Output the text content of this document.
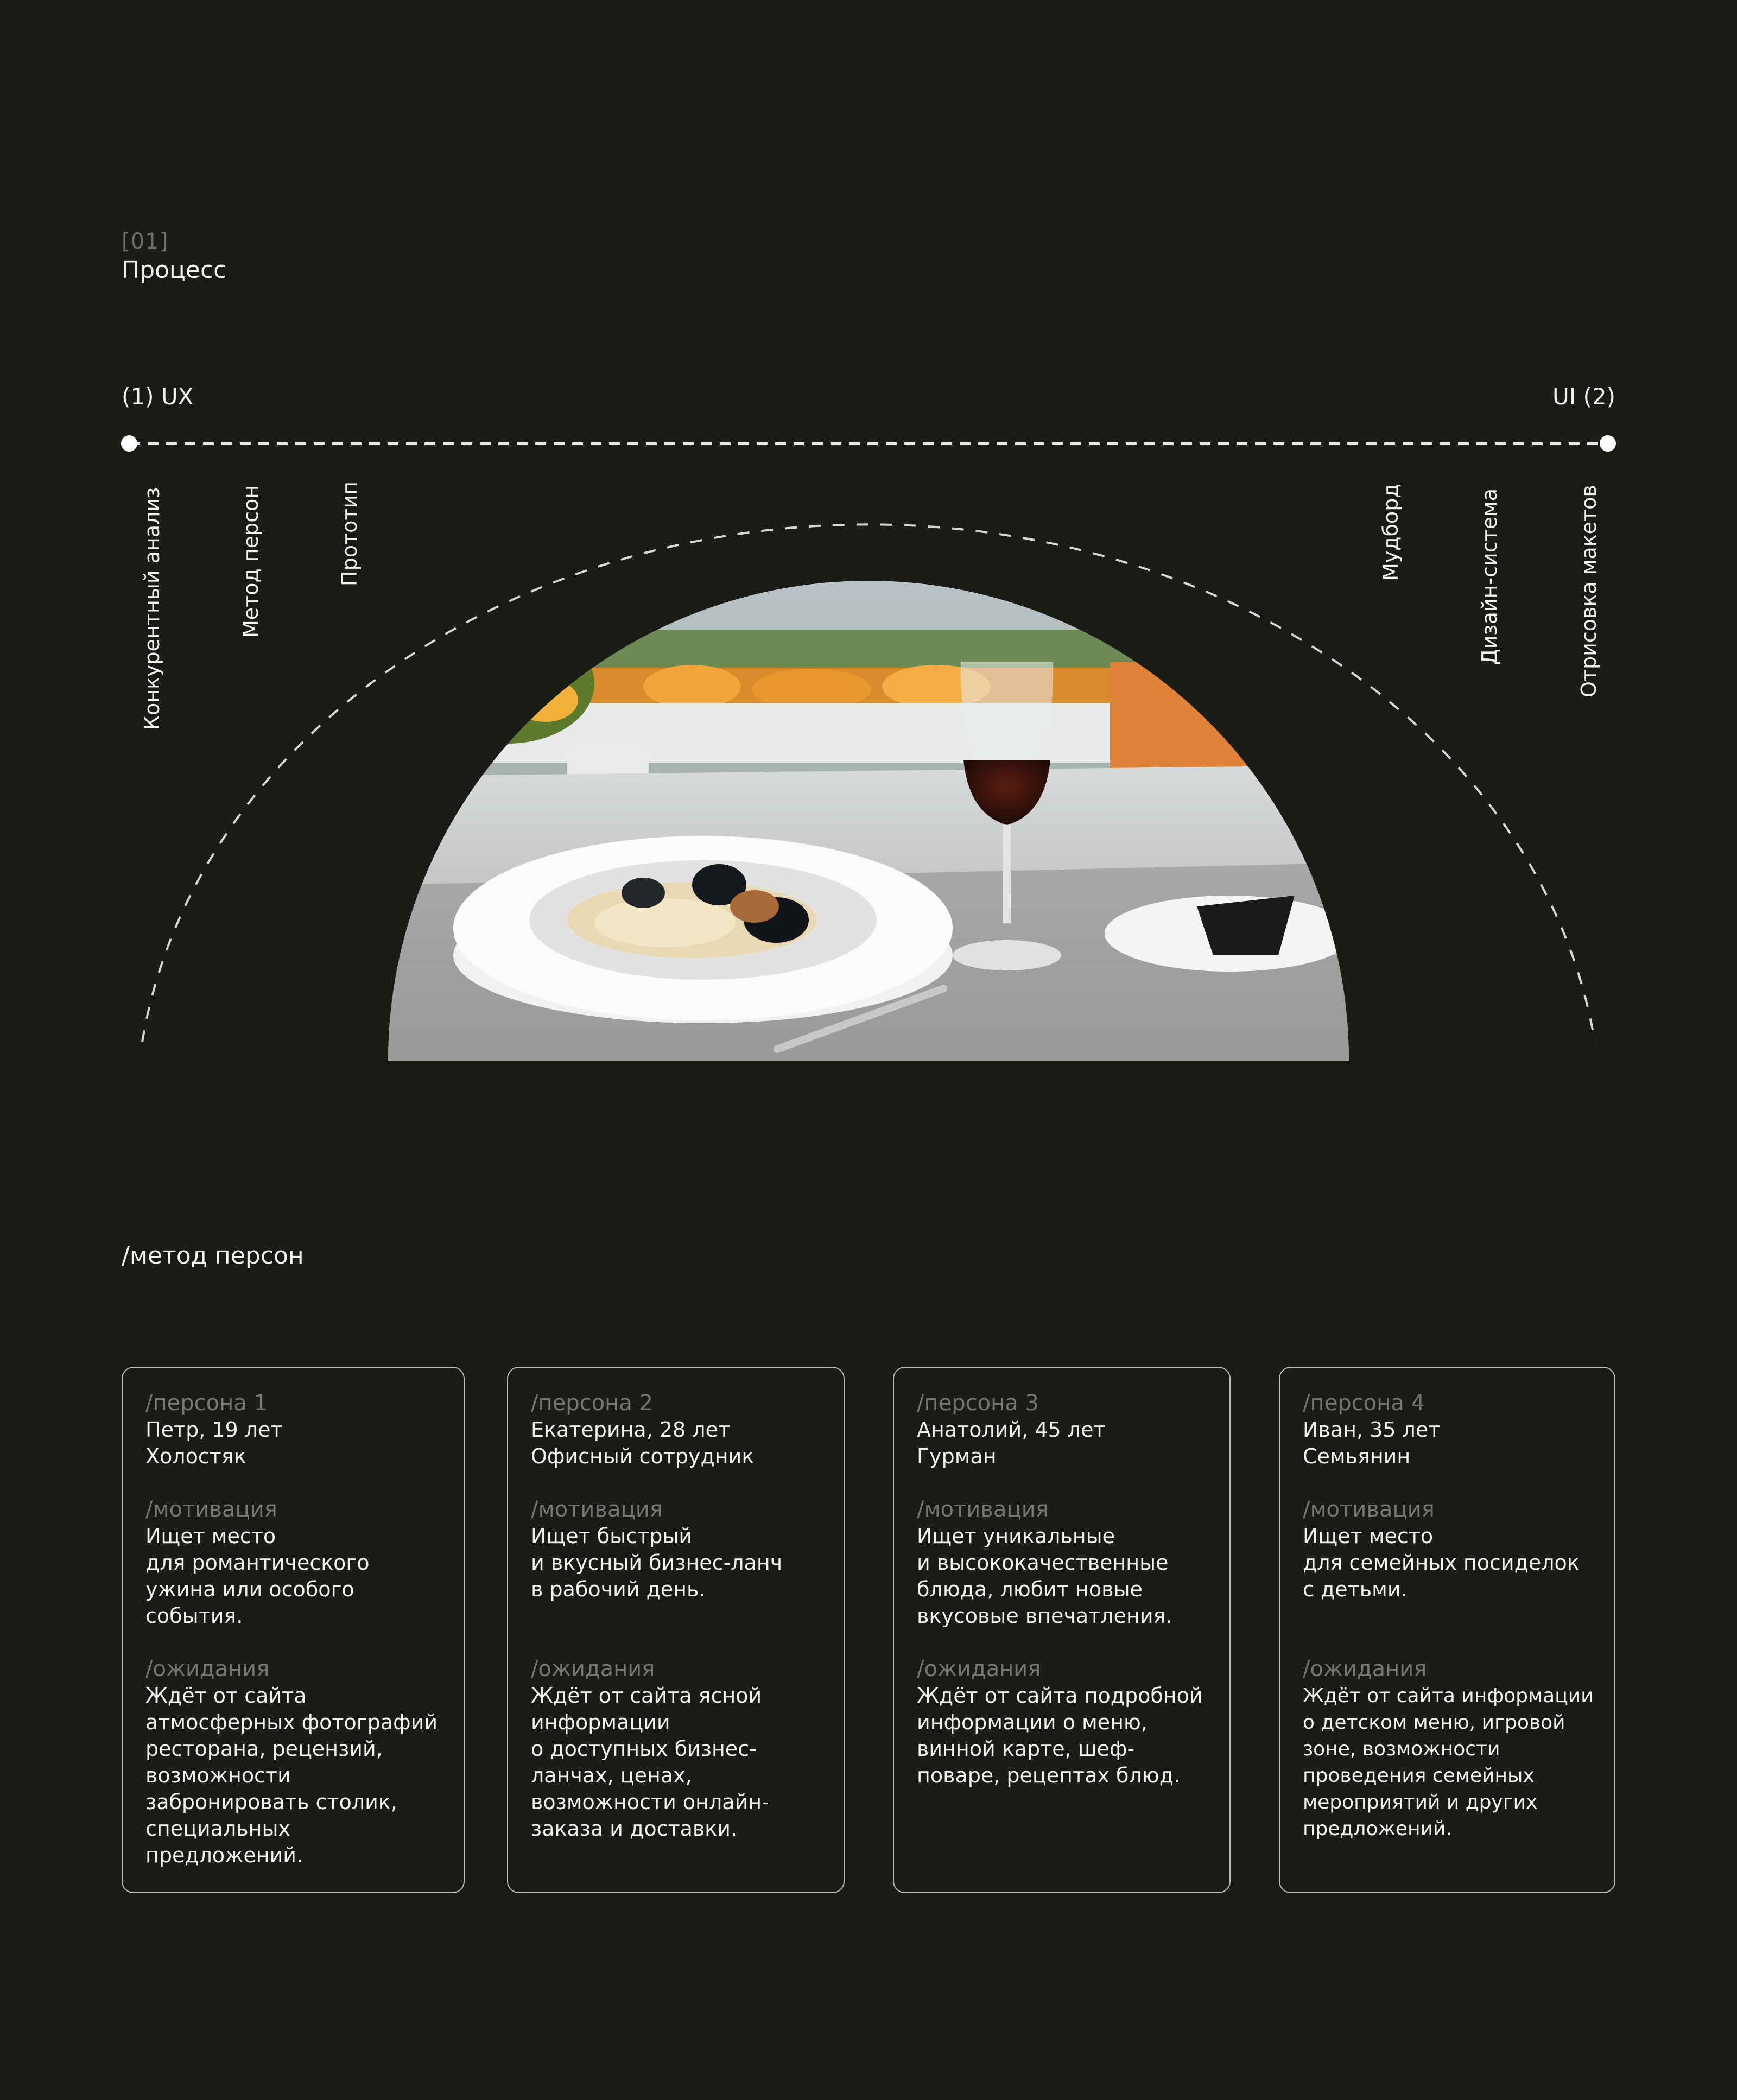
[01]
Процесс
(1) UX	UI (2)
Конкурентный анализ	Метод персон	Прототип	Мудборд	Дизайн-система	Отрисовка макетов
/метод персон
/персона 1
Петр, 19 лет
Холостяк
/мотивация
Ищет место
для романтического
ужина или особого
события.
/ожидания
Ждёт от сайта
атмосферных фотографий
ресторана, рецензий,
возможности
забронировать столик,
специальных
предложений.
/персона 2
Екатерина, 28 лет
Офисный сотрудник
/мотивация
Ищет быстрый
и вкусный бизнес-ланч
в рабочий день.
/ожидания
Ждёт от сайта ясной
информации
о доступных бизнес-
ланчах, ценах,
возможности онлайн-
заказа и доставки.
/персона 3
Анатолий, 45 лет
Гурман
/мотивация
Ищет уникальные
и высококачественные
блюда, любит новые
вкусовые впечатления.
/ожидания
Ждёт от сайта подробной
информации о меню,
винной карте, шеф-
поваре, рецептах блюд.
/персона 4
Иван, 35 лет
Семьянин
/мотивация
Ищет место
для семейных посиделок
с детьми.
/ожидания
Ждёт от сайта информации
о детском меню, игровой
зоне, возможности
проведения семейных
мероприятий и других
предложений.
